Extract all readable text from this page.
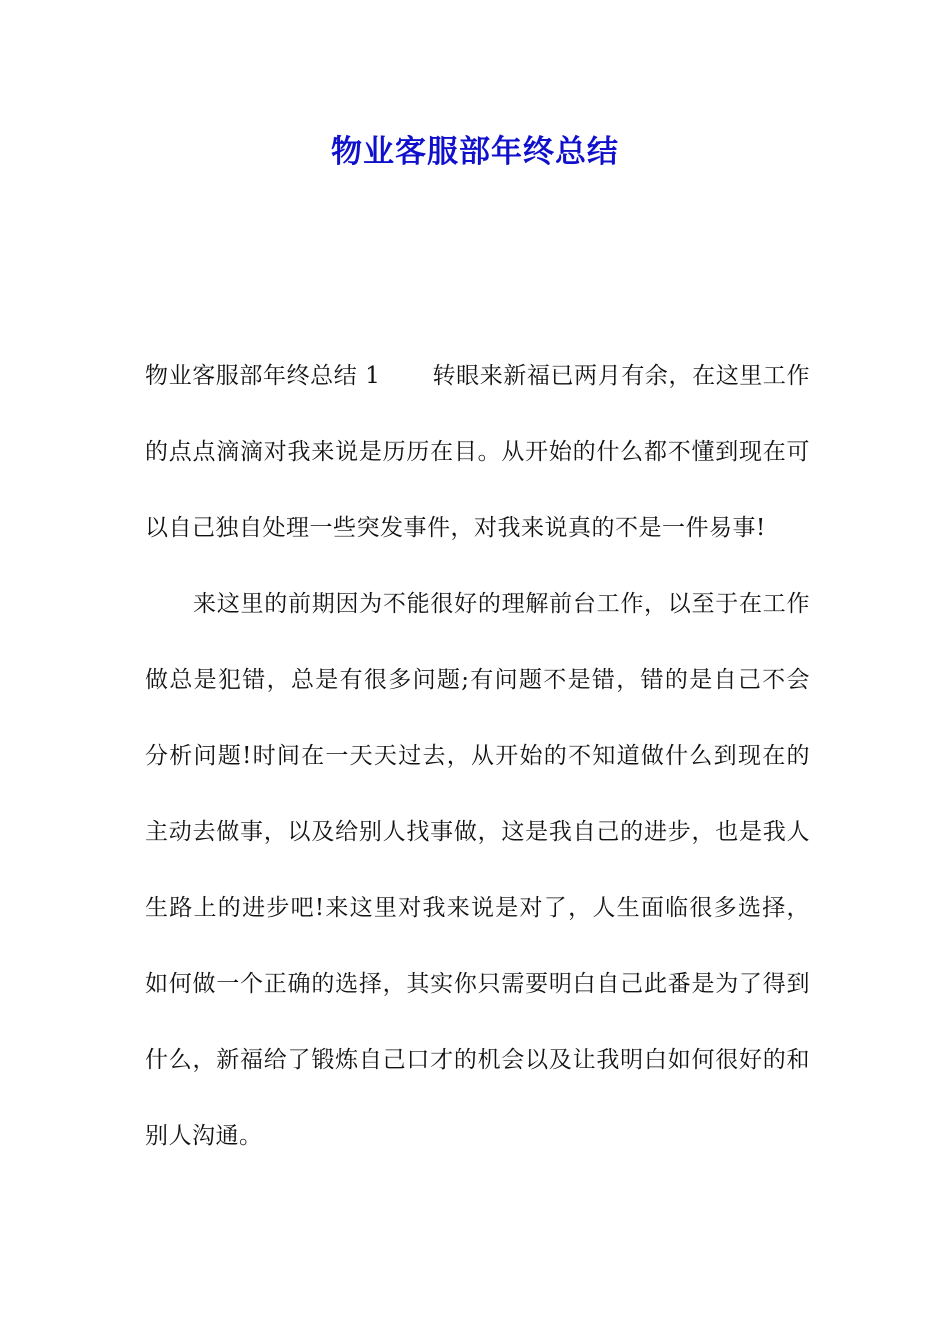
物业客服部年终总结

物业客服部年终总结 1 转眼来新福已两月有余，在这里工作的点点滴滴对我来说是历历在目。从开始的什么都不懂到现在可以自己独自处理一些突发事件，对我来说真的不是一件易事!

来这里的前期因为不能很好的理解前台工作，以至于在工作做总是犯错，总是有很多问题;有问题不是错，错的是自己不会分析问题!时间在一天天过去，从开始的不知道做什么到现在的主动去做事，以及给别人找事做，这是我自己的进步，也是我人生路上的进步吧!来这里对我来说是对了，人生面临很多选择，如何做一个正确的选择，其实你只需要明白自己此番是为了得到什么，新福给了锻炼自己口才的机会以及让我明白如何很好的和别人沟通。
